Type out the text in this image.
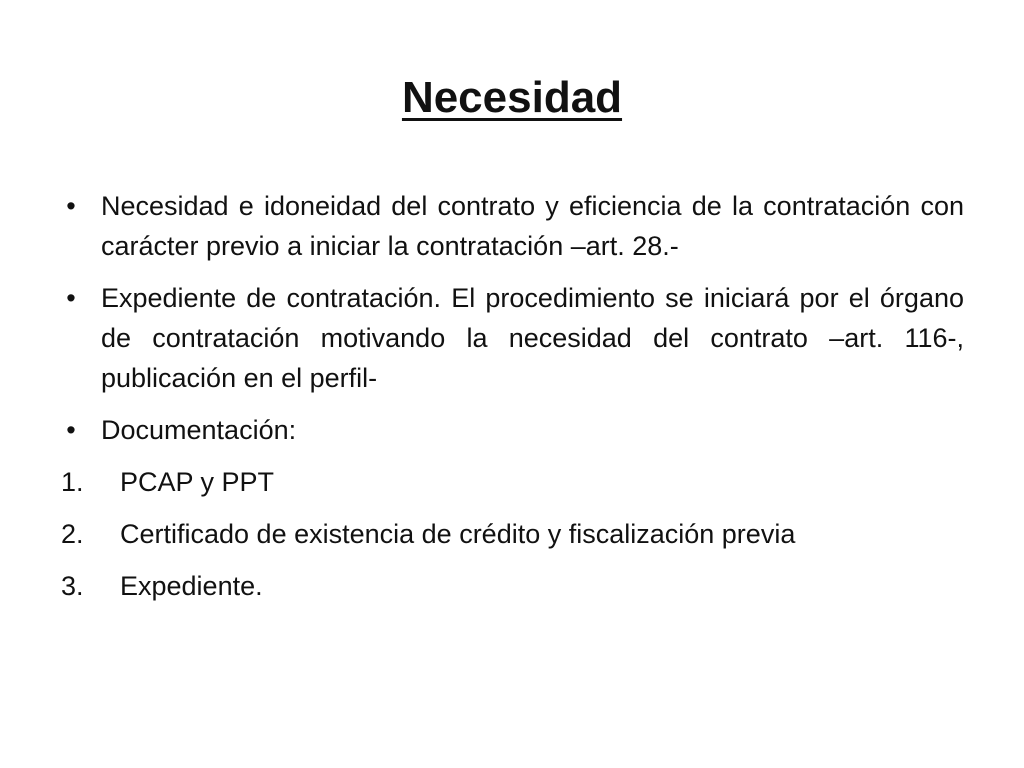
Necesidad
• Necesidad e idoneidad del contrato y eficiencia de la contratación con carácter previo a iniciar la contratación –art. 28.-
• Expediente de contratación. El procedimiento se iniciará por el órgano de contratación motivando la necesidad del contrato –art. 116-, publicación en el perfil-
• Documentación:
1.	PCAP y PPT
2.	Certificado de existencia de crédito y fiscalización previa
3.	Expediente.
